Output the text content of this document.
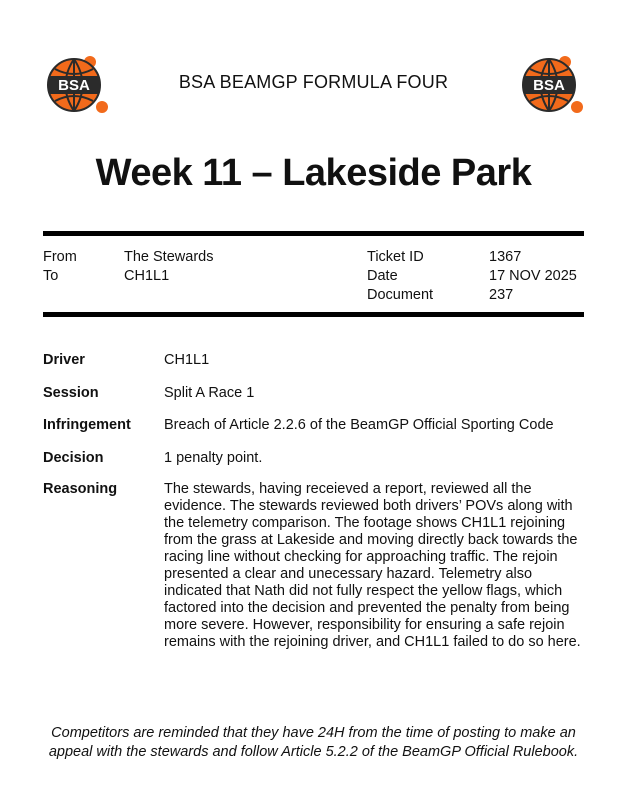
BSA	BSA
BSA BEAMGP FORMULA FOUR
Week 11 – Lakeside Park
From	The Stewards
To	CH1L1
Ticket ID	1367
Date	17 NOV 2025
Document	237
Driver	CH1L1
Session	Split A Race 1
Infringement	Breach of Article 2.2.6 of the BeamGP Official Sporting Code
Decision	1 penalty point.
Reasoning	The stewards, having receieved a report, reviewed all the evidence. The stewards reviewed both drivers’ POVs along with the telemetry comparison. The footage shows CH1L1 rejoining from the grass at Lakeside and moving directly back towards the racing line without checking for approaching traffic. The rejoin presented a clear and unecessary hazard. Telemetry also indicated that Nath did not fully respect the yellow flags, which factored into the decision and prevented the penalty from being more severe. However, responsibility for ensuring a safe rejoin remains with the rejoining driver, and CH1L1 failed to do so here.
Competitors are reminded that they have 24H from the time of posting to make an appeal with the stewards and follow Article 5.2.2 of the BeamGP Official Rulebook.
